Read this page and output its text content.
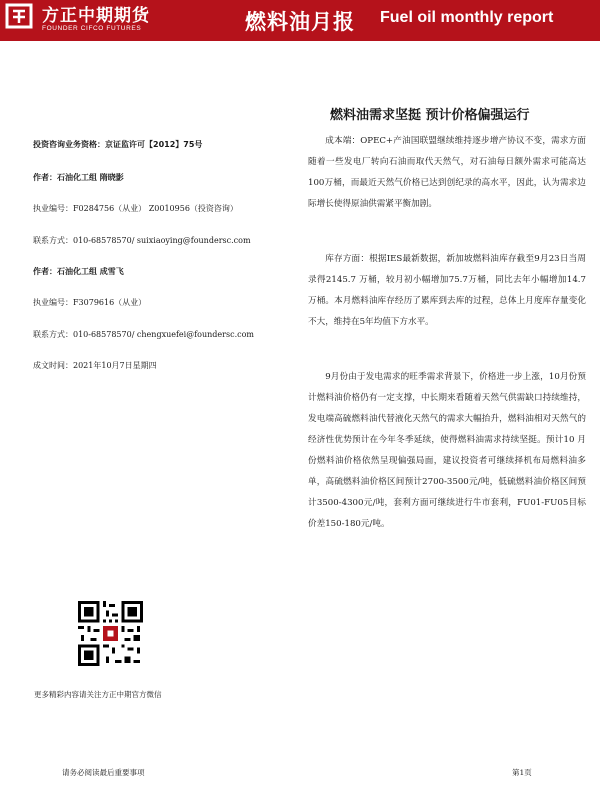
方正中期期货
FOUNDER CIFCO FUTURES	燃料油月报 Fuel oil monthly report
燃料油需求坚挺 预计价格偏强运行
投资咨询业务资格：京证监许可【2012】75号
作者：石油化工组 隋晓影
执业编号：F0284756（从业） Z0010956（投资咨询）
联系方式：010-68578570/ suixiaoying@foundersc.com
作者：石油化工组 成雪飞
执业编号：F3079616（从业）
联系方式：010-68578570/ chengxuefei@foundersc.com
成文时间：2021年10月7日星期四

成本端：OPEC+产油国联盟继续维持逐步增产协议不变，需求方面随着一些发电厂转向石油而取代天然气，对石油每日额外需求可能高达100万桶，而最近天然气价格已达到创纪录的高水平，因此，认为需求边际增长使得原油供需紧平衡加剧。

库存方面：根据IES最新数据，新加坡燃料油库存截至9月23日当周录得2145.7 万桶，较月初小幅增加75.7万桶，同比去年小幅增加14.7 万桶。本月燃料油库存经历了累库到去库的过程，总体上月度库存量变化不大，维持在5年均值下方水平。

9月份由于发电需求的旺季需求背景下，价格进一步上涨，10月份预计燃料油价格仍有一定支撑，中长期来看随着天然气供需缺口持续维持，发电端高硫燃料油代替液化天然气的需求大幅抬升，燃料油相对天然气的经济性优势预计在今年冬季延续，使得燃料油需求持续坚挺。预计10 月份燃料油价格依然呈现偏强局面，建议投资者可继续择机布局燃料油多单，高硫燃料油价格区间预计2700-3500元/吨，低硫燃料油价格区间预计3500-4300元/吨，套利方面可继续进行牛市套利，FU01-FU05目标价差150-180元/吨。

更多精彩内容请关注方正中期官方微信
请务必阅读最后重要事项	第1页
